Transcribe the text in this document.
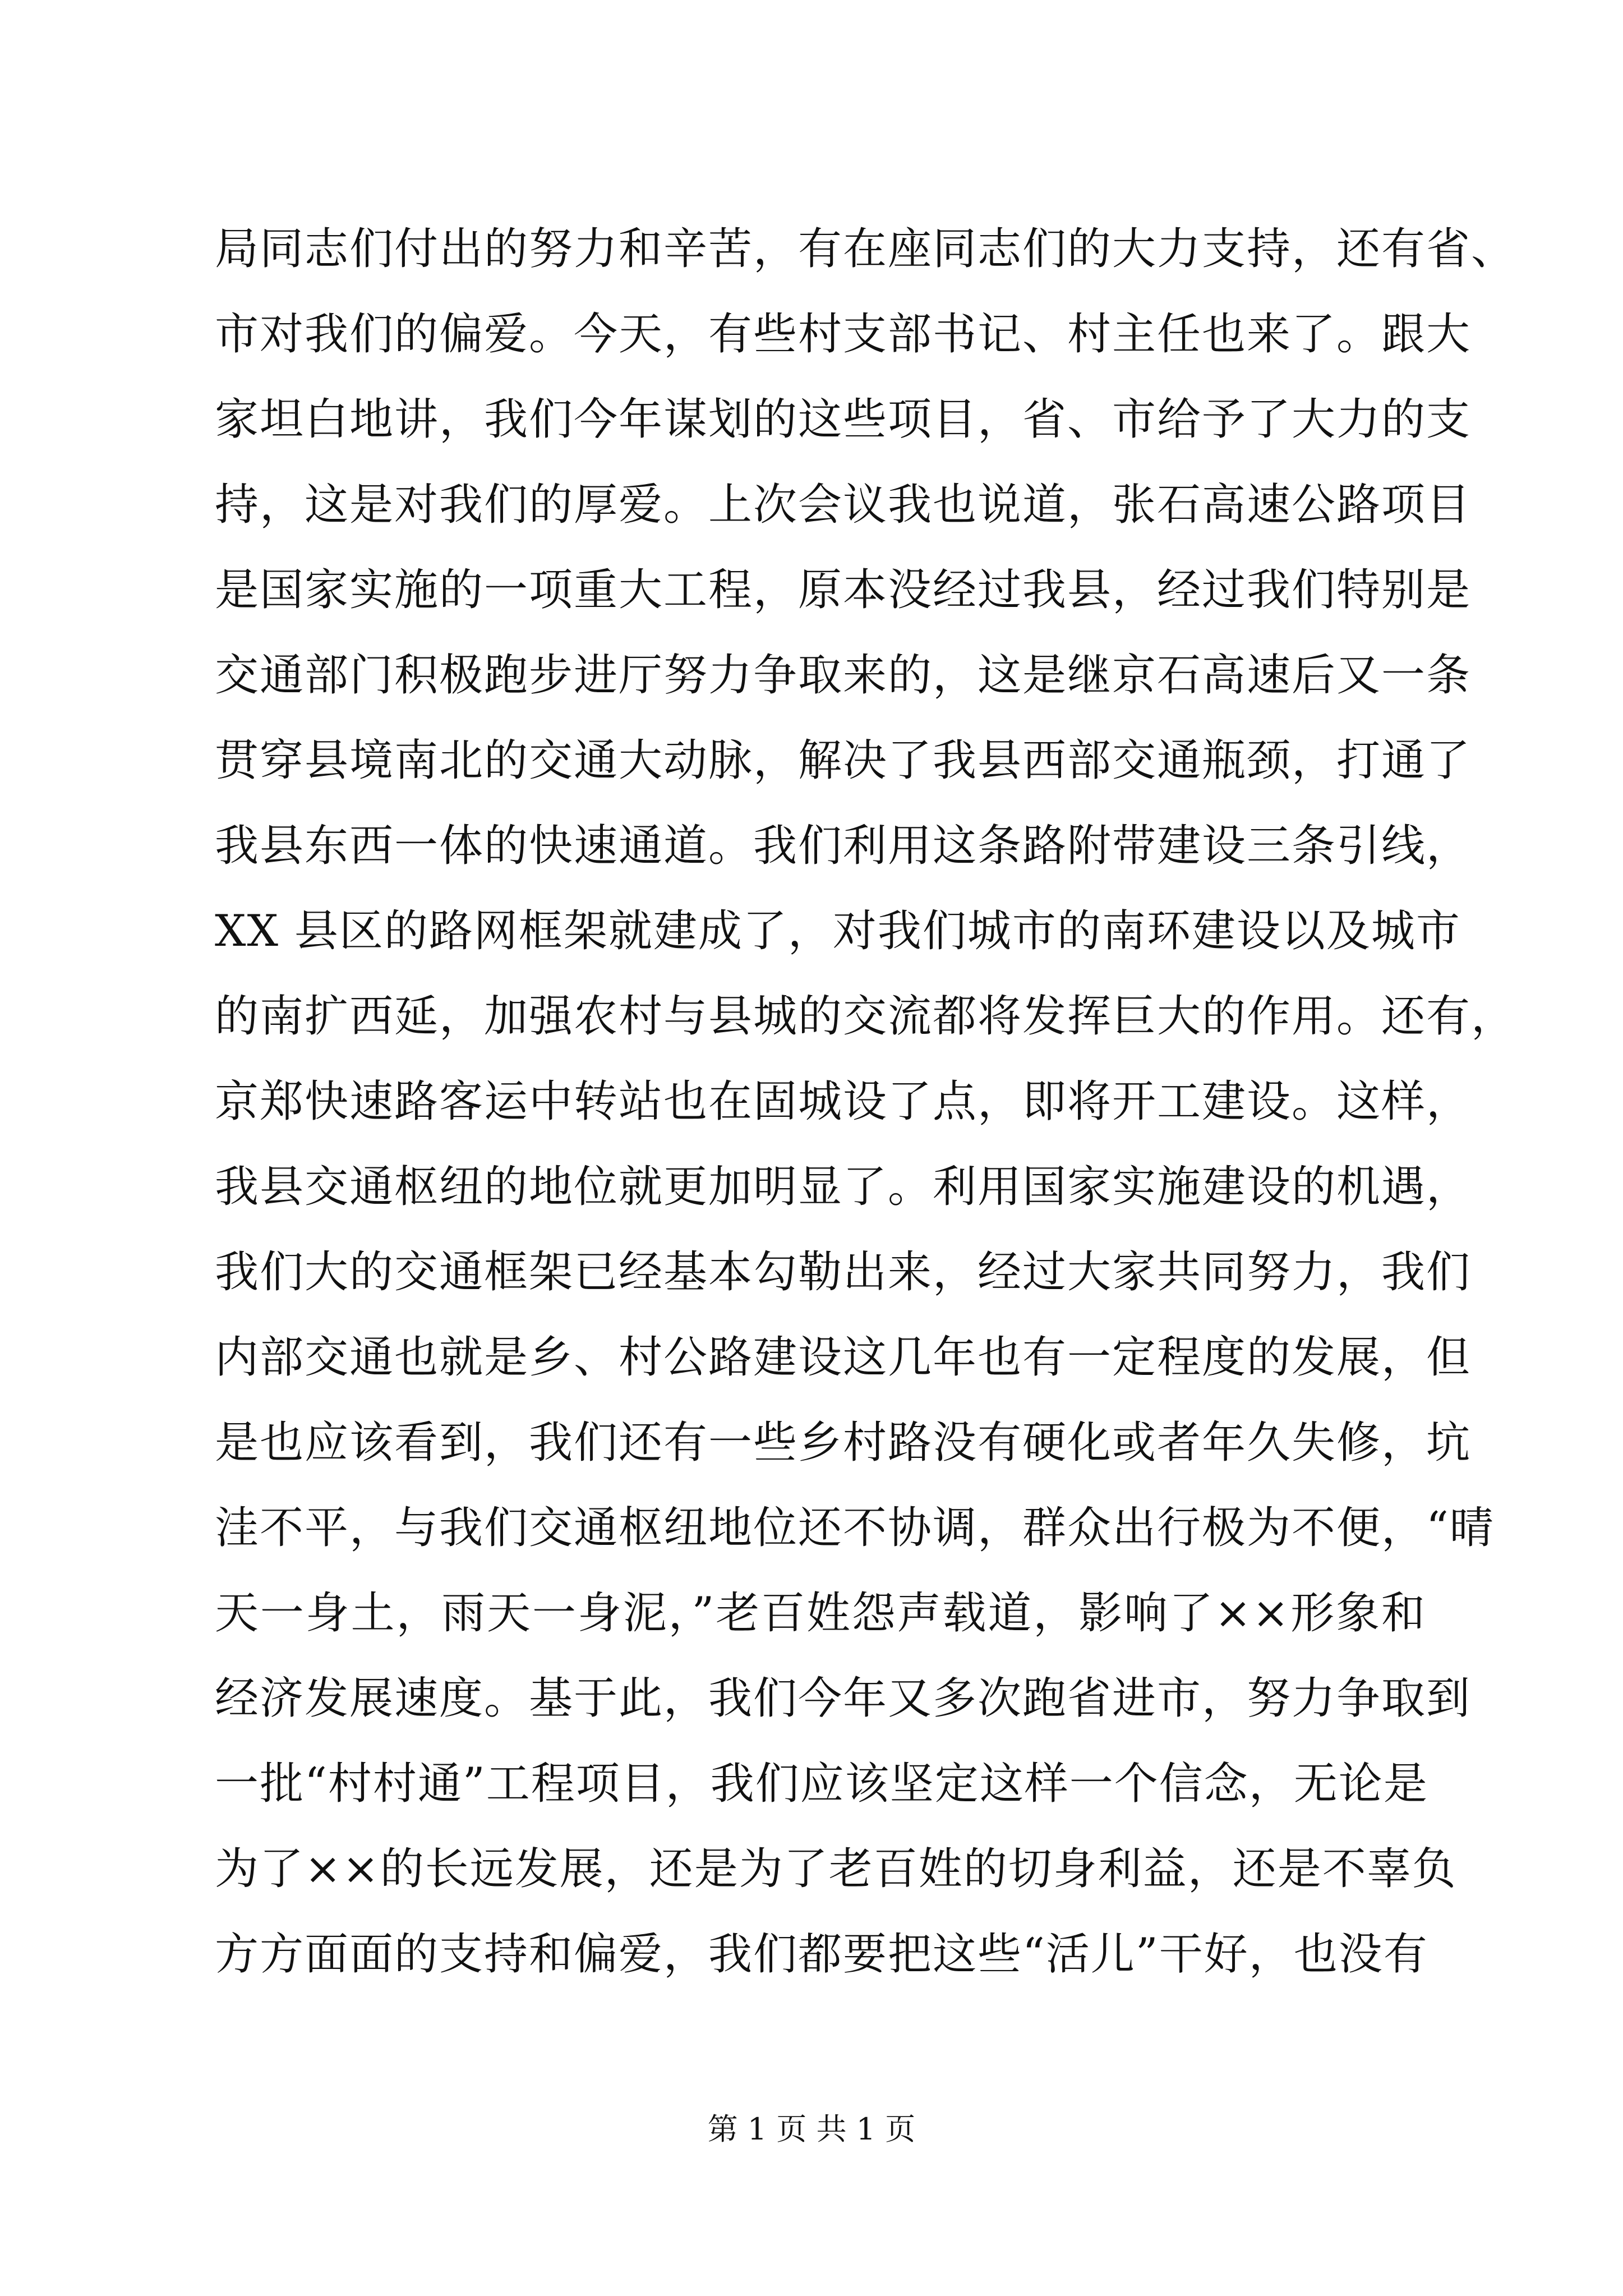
局同志们付出的努力和辛苦，有在座同志们的大力支持，还有省、
市对我们的偏爱。今天，有些村支部书记、村主任也来了。跟大
家坦白地讲，我们今年谋划的这些项目，省、市给予了大力的支
持，这是对我们的厚爱。上次会议我也说道，张石高速公路项目
是国家实施的一项重大工程，原本没经过我县，经过我们特别是
交通部门积极跑步进厅努力争取来的，这是继京石高速后又一条
贯穿县境南北的交通大动脉，解决了我县西部交通瓶颈，打通了
我县东西一体的快速通道。我们利用这条路附带建设三条引线，
XX 县区的路网框架就建成了，对我们城市的南环建设以及城市
的南扩西延，加强农村与县城的交流都将发挥巨大的作用。还有，
京郑快速路客运中转站也在固城设了点，即将开工建设。这样，
我县交通枢纽的地位就更加明显了。利用国家实施建设的机遇，
我们大的交通框架已经基本勾勒出来，经过大家共同努力，我们
内部交通也就是乡、村公路建设这几年也有一定程度的发展，但
是也应该看到，我们还有一些乡村路没有硬化或者年久失修，坑
洼不平，与我们交通枢纽地位还不协调，群众出行极为不便，“晴
天一身土，雨天一身泥，”老百姓怨声载道，影响了××形象和
经济发展速度。基于此，我们今年又多次跑省进市，努力争取到
一批“村村通”工程项目，我们应该坚定这样一个信念，无论是
为了××的长远发展，还是为了老百姓的切身利益，还是不辜负
方方面面的支持和偏爱，我们都要把这些“活儿”干好，也没有
第 1 页 共 1 页
